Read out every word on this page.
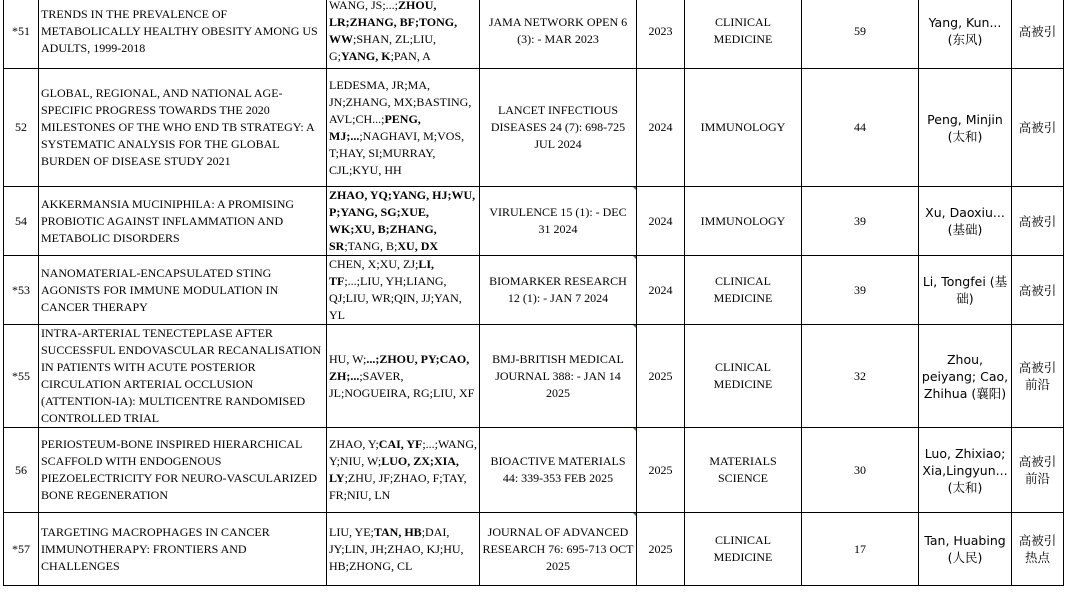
*51	TRENDS IN THE PREVALENCE OF METABOLICALLY HEALTHY OBESITY AMONG US ADULTS, 1999-2018	WANG, JS;...;ZHOU, LR;ZHANG, BF;TONG, WW;SHAN, ZL;LIU, G;YANG, K;PAN, A	JAMA NETWORK OPEN 6 (3): - MAR 2023	2023	CLINICAL MEDICINE	59	Yang, Kun... (东风)	高被引
52	GLOBAL, REGIONAL, AND NATIONAL AGE-SPECIFIC PROGRESS TOWARDS THE 2020 MILESTONES OF THE WHO END TB STRATEGY: A SYSTEMATIC ANALYSIS FOR THE GLOBAL BURDEN OF DISEASE STUDY 2021	LEDESMA, JR;MA, JN;ZHANG, MX;BASTING, AVL;CH...;PENG, MJ;...;NAGHAVI, M;VOS, T;HAY, SI;MURRAY, CJL;KYU, HH	LANCET INFECTIOUS DISEASES 24 (7): 698-725 JUL 2024	2024	IMMUNOLOGY	44	Peng, Minjin (太和)	高被引
54	AKKERMANSIA MUCINIPHILA: A PROMISING PROBIOTIC AGAINST INFLAMMATION AND METABOLIC DISORDERS	ZHAO, YQ;YANG, HJ;WU, P;YANG, SG;XUE, WK;XU, B;ZHANG, SR;TANG, B;XU, DX	VIRULENCE 15 (1): - DEC 31 2024	2024	IMMUNOLOGY	39	Xu, Daoxiu... (基础)	高被引
*53	NANOMATERIAL-ENCAPSULATED STING AGONISTS FOR IMMUNE MODULATION IN CANCER THERAPY	CHEN, X;XU, ZJ;LI, TF;...;LIU, YH;LIANG, QJ;LIU, WR;QIN, JJ;YAN, YL	BIOMARKER RESEARCH 12 (1): - JAN 7 2024	2024	CLINICAL MEDICINE	39	Li, Tongfei (基础)	高被引
*55	INTRA-ARTERIAL TENECTEPLASE AFTER SUCCESSFUL ENDOVASCULAR RECANALISATION IN PATIENTS WITH ACUTE POSTERIOR CIRCULATION ARTERIAL OCCLUSION (ATTENTION-IA): MULTICENTRE RANDOMISED CONTROLLED TRIAL	HU, W;...;ZHOU, PY;CAO, ZH;...;SAVER, JL;NOGUEIRA, RG;LIU, XF	BMJ-BRITISH MEDICAL JOURNAL 388: - JAN 14 2025	2025	CLINICAL MEDICINE	32	Zhou, peiyang; Cao, Zhihua (襄阳)	高被引 前沿
56	PERIOSTEUM-BONE INSPIRED HIERARCHICAL SCAFFOLD WITH ENDOGENOUS PIEZOELECTRICITY FOR NEURO-VASCULARIZED BONE REGENERATION	ZHAO, Y;CAI, YF;...;WANG, Y;NIU, W;LUO, ZX;XIA, LY;ZHU, JF;ZHAO, F;TAY, FR;NIU, LN	BIOACTIVE MATERIALS 44: 339-353 FEB 2025	2025	MATERIALS SCIENCE	30	Luo, Zhixiao; Xia,Lingyun... (太和)	高被引 前沿
*57	TARGETING MACROPHAGES IN CANCER IMMUNOTHERAPY: FRONTIERS AND CHALLENGES	LIU, YE;TAN, HB;DAI, JY;LIN, JH;ZHAO, KJ;HU, HB;ZHONG, CL	JOURNAL OF ADVANCED RESEARCH 76: 695-713 OCT 2025	2025	CLINICAL MEDICINE	17	Tan, Huabing (人民)	高被引 热点
